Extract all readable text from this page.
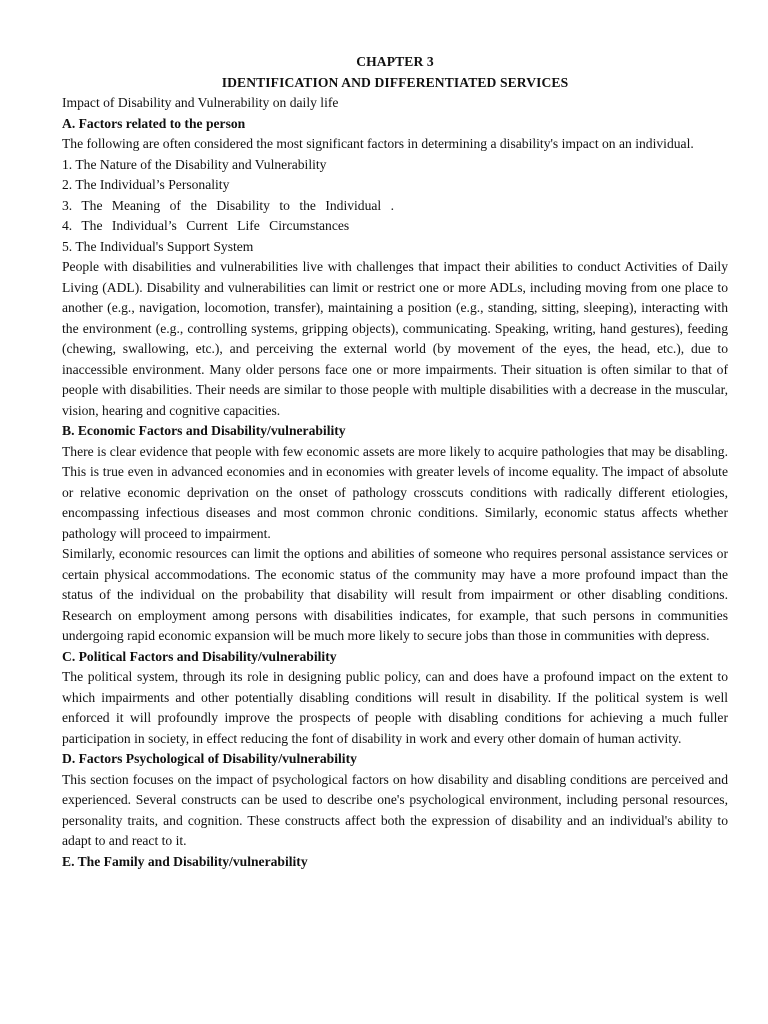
CHAPTER 3

IDENTIFICATION AND DIFFERENTIATED SERVICES

Impact of Disability and Vulnerability on daily life

A. Factors related to the person

The following are often considered the most significant factors in determining a disability's impact on an individual.

1. The Nature of the Disability and Vulnerability

2. The Individual’s Personality

3. The Meaning of the Disability to the Individual .

4. The Individual’s Current Life Circumstances

5. The Individual's Support System

People with disabilities and vulnerabilities live with challenges that impact their abilities to conduct Activities of Daily Living (ADL). Disability and vulnerabilities can limit or restrict one or more ADLs, including moving from one place to another (e.g., navigation, locomotion, transfer), maintaining a position (e.g., standing, sitting, sleeping), interacting with the environment (e.g., controlling systems, gripping objects), communicating. Speaking, writing, hand gestures), feeding (chewing, swallowing, etc.), and perceiving the external world (by movement of the eyes, the head, etc.), due to inaccessible environment. Many older persons face one or more impairments. Their situation is often similar to that of people with disabilities. Their needs are similar to those people with multiple disabilities with a decrease in the muscular, vision, hearing and cognitive capacities.

B. Economic Factors and Disability/vulnerability

There is clear evidence that people with few economic assets are more likely to acquire pathologies that may be disabling. This is true even in advanced economies and in economies with greater levels of income equality. The impact of absolute or relative economic deprivation on the onset of pathology crosscuts conditions with radically different etiologies, encompassing infectious diseases and most common chronic conditions. Similarly, economic status affects whether pathology will proceed to impairment.

Similarly, economic resources can limit the options and abilities of someone who requires personal assistance services or certain physical accommodations. The economic status of the community may have a more profound impact than the status of the individual on the probability that disability will result from impairment or other disabling conditions. Research on employment among persons with disabilities indicates, for example, that such persons in communities undergoing rapid economic expansion will be much more likely to secure jobs than those in communities with depress.

C. Political Factors and Disability/vulnerability

The political system, through its role in designing public policy, can and does have a profound impact on the extent to which impairments and other potentially disabling conditions will result in disability. If the political system is well enforced it will profoundly improve the prospects of people with disabling conditions for achieving a much fuller participation in society, in effect reducing the font of disability in work and every other domain of human activity.

D. Factors Psychological of Disability/vulnerability

This section focuses on the impact of psychological factors on how disability and disabling conditions are perceived and experienced. Several constructs can be used to describe one's psychological environment, including personal resources, personality traits, and cognition. These constructs affect both the expression of disability and an individual's ability to adapt to and react to it.

E. The Family and Disability/vulnerability
